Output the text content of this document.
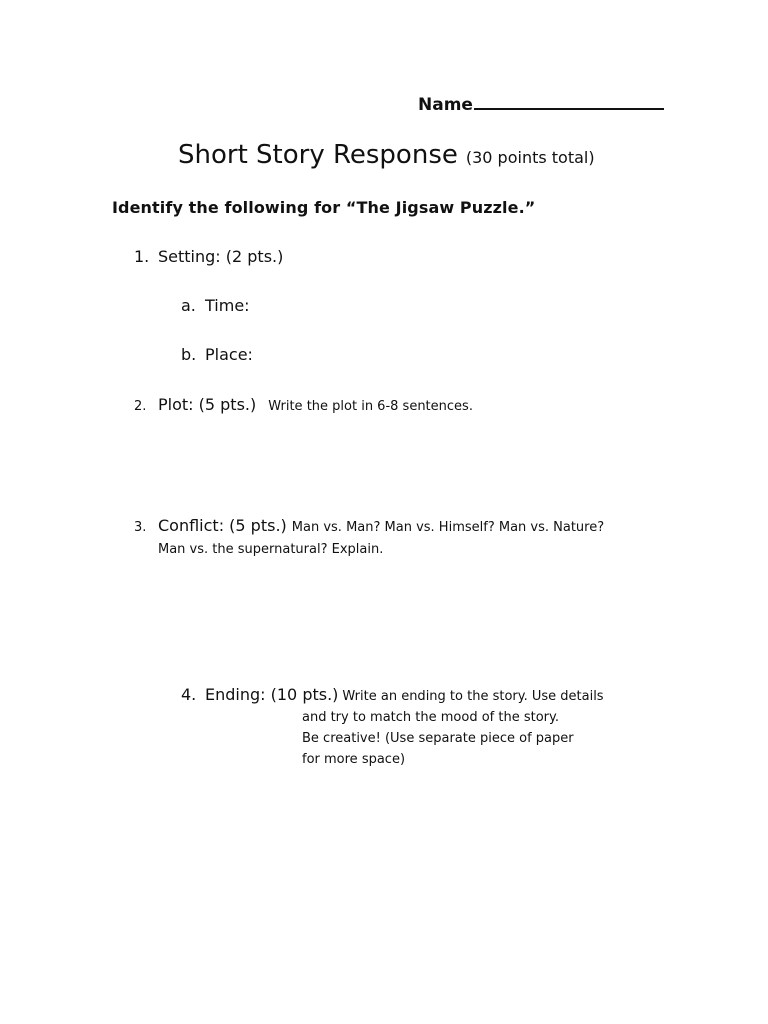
Name
Short Story Response (30 points total)
Identify the following for “The Jigsaw Puzzle.”
1. Setting: (2 pts.)
a. Time:
b. Place:
2. Plot: (5 pts.) Write the plot in 6-8 sentences.
3. Conflict: (5 pts.) Man vs. Man? Man vs. Himself? Man vs. Nature?
Man vs. the supernatural? Explain.
4. Ending: (10 pts.) Write an ending to the story. Use details
and try to match the mood of the story.
Be creative! (Use separate piece of paper
for more space)
